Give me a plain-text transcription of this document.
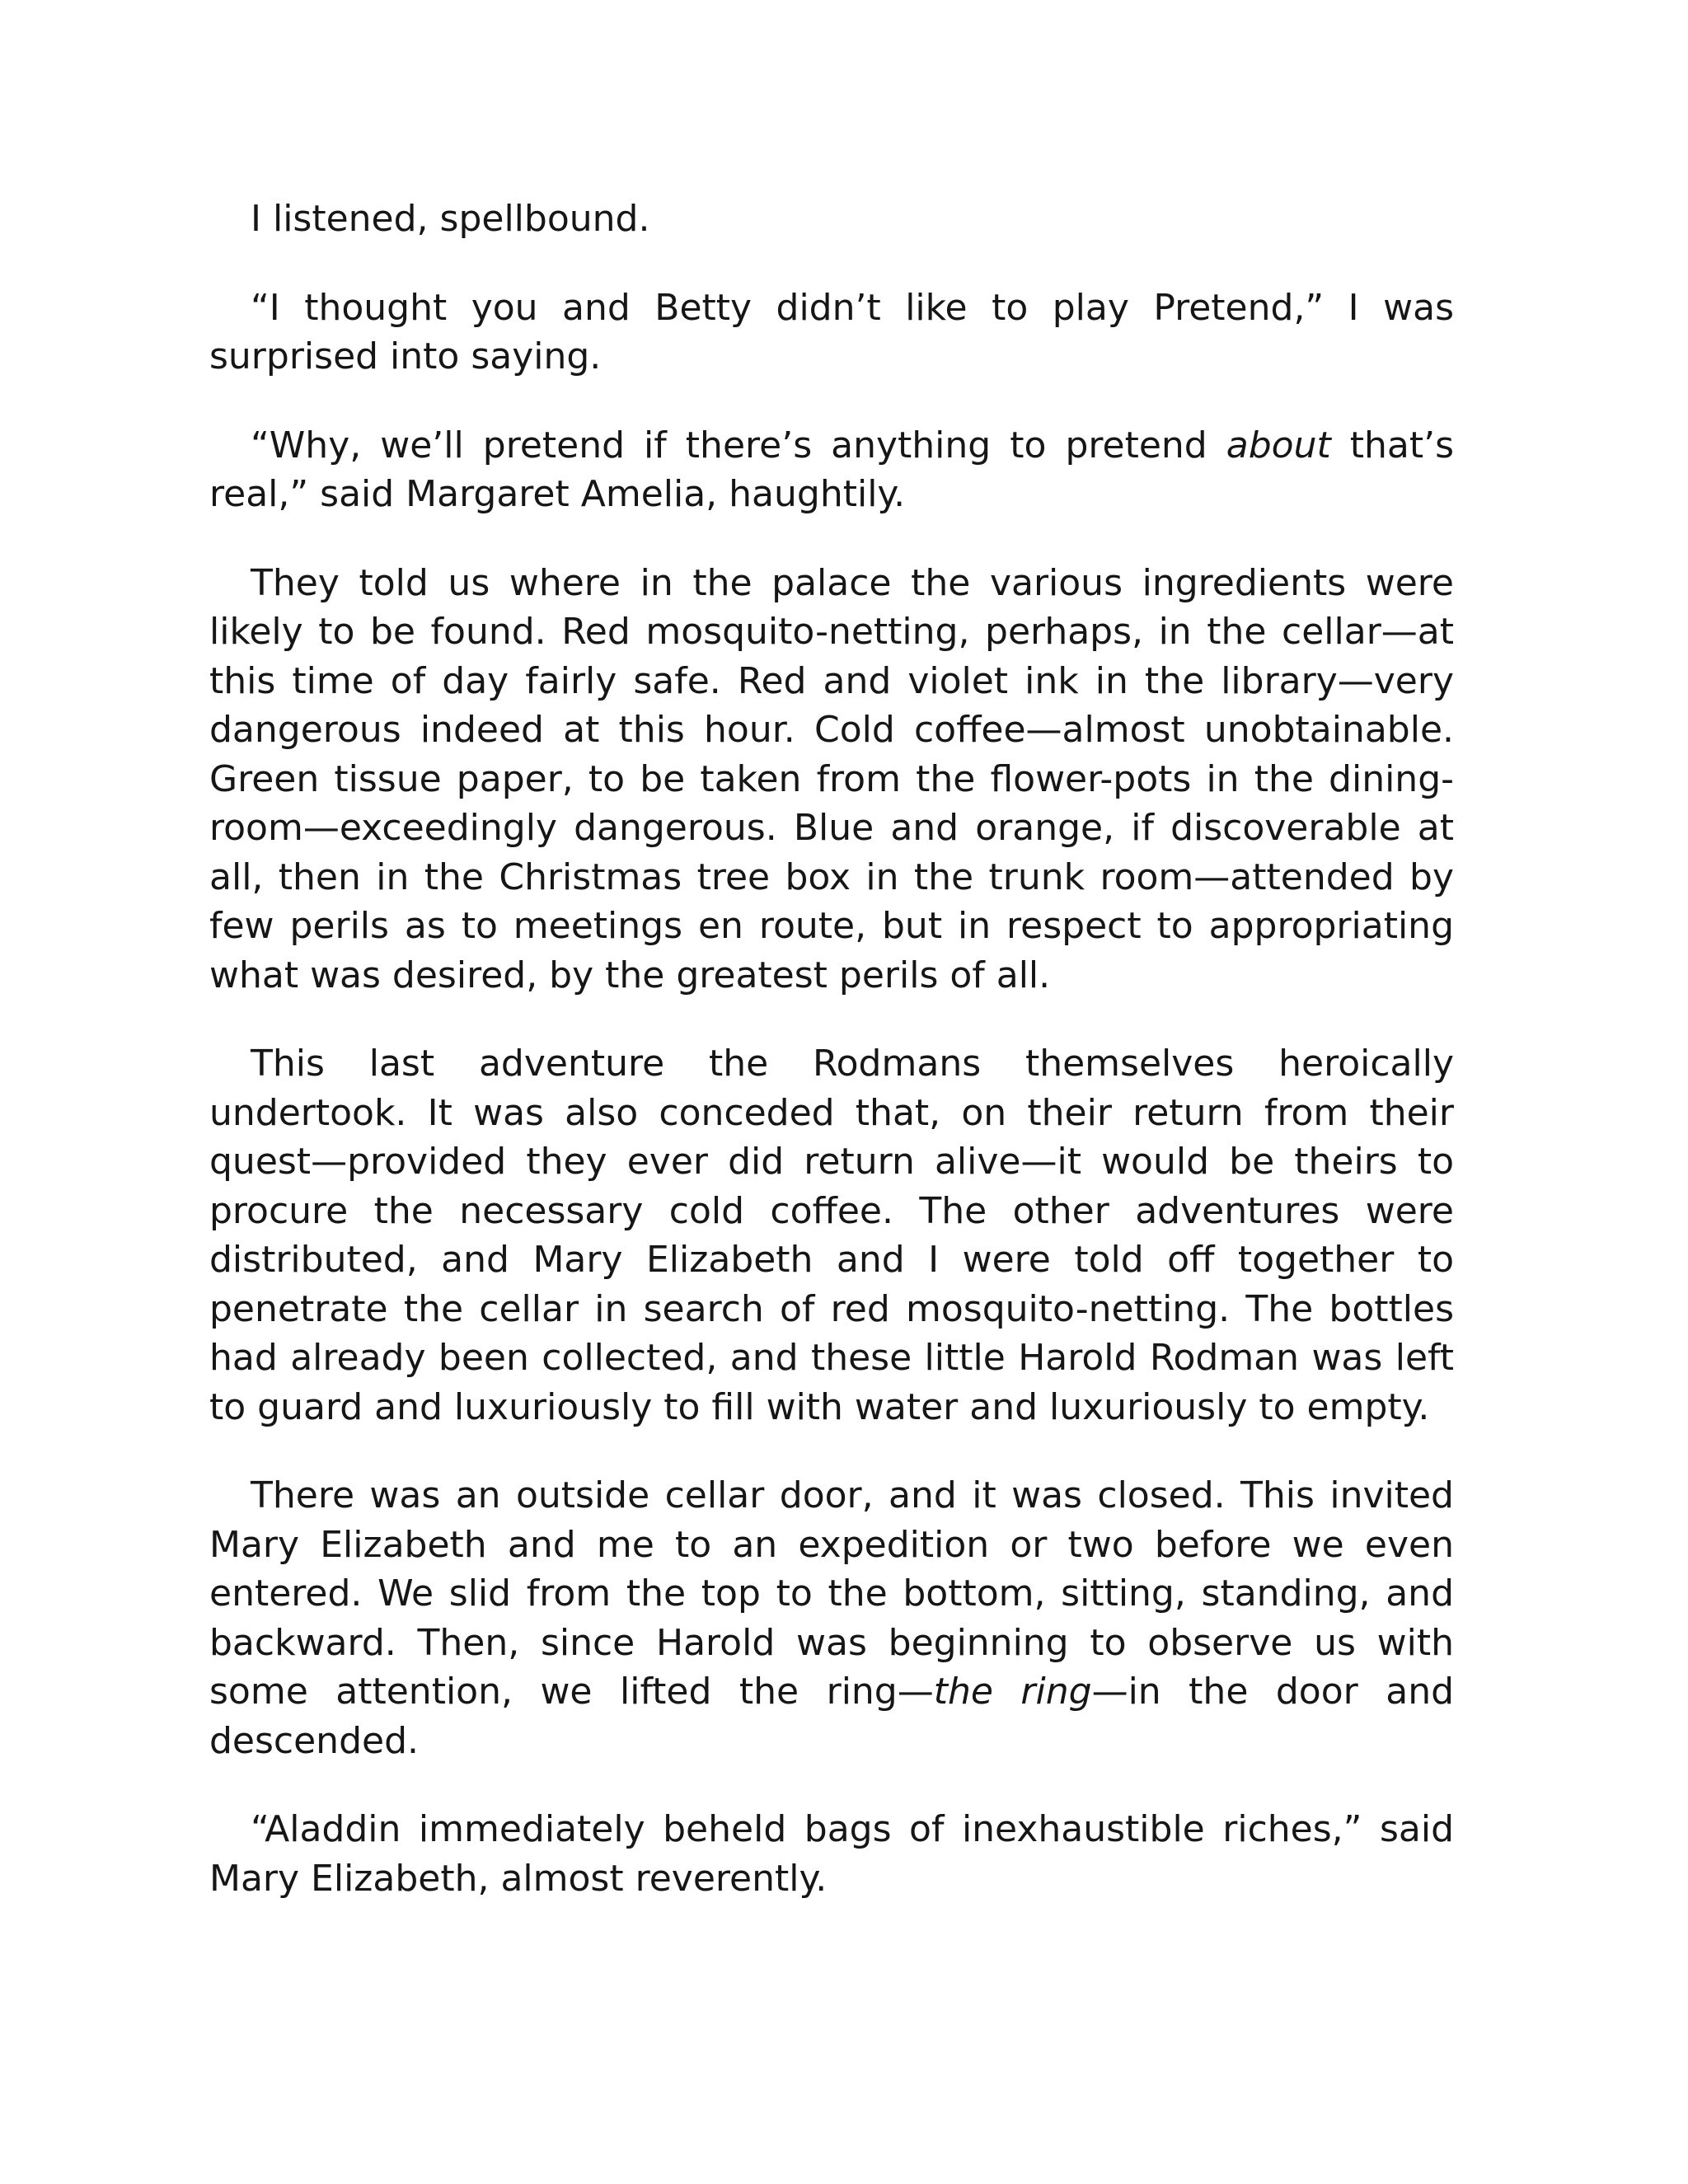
I listened, spellbound.

“I thought you and Betty didn’t like to play Pretend,” I was surprised into saying.

“Why, we’ll pretend if there’s anything to pretend about that’s real,” said Margaret Amelia, haughtily.

They told us where in the palace the various ingredients were likely to be found. Red mosquito-netting, perhaps, in the cellar—at this time of day fairly safe. Red and violet ink in the library—very dangerous indeed at this hour. Cold coffee—almost unobtainable. Green tissue paper, to be taken from the flower-pots in the dining-room—exceedingly dangerous. Blue and orange, if discoverable at all, then in the Christmas tree box in the trunk room—attended by few perils as to meetings en route, but in respect to appropriating what was desired, by the greatest perils of all.

This last adventure the Rodmans themselves heroically undertook. It was also conceded that, on their return from their quest—provided they ever did return alive—it would be theirs to procure the necessary cold coffee. The other adventures were distributed, and Mary Elizabeth and I were told off together to penetrate the cellar in search of red mosquito-netting. The bottles had already been collected, and these little Harold Rodman was left to guard and luxuriously to fill with water and luxuriously to empty.

There was an outside cellar door, and it was closed. This invited Mary Elizabeth and me to an expedition or two before we even entered. We slid from the top to the bottom, sitting, standing, and backward. Then, since Harold was beginning to observe us with some attention, we lifted the ring—the ring—in the door and descended.

“Aladdin immediately beheld bags of inexhaustible riches,” said Mary Elizabeth, almost reverently.
